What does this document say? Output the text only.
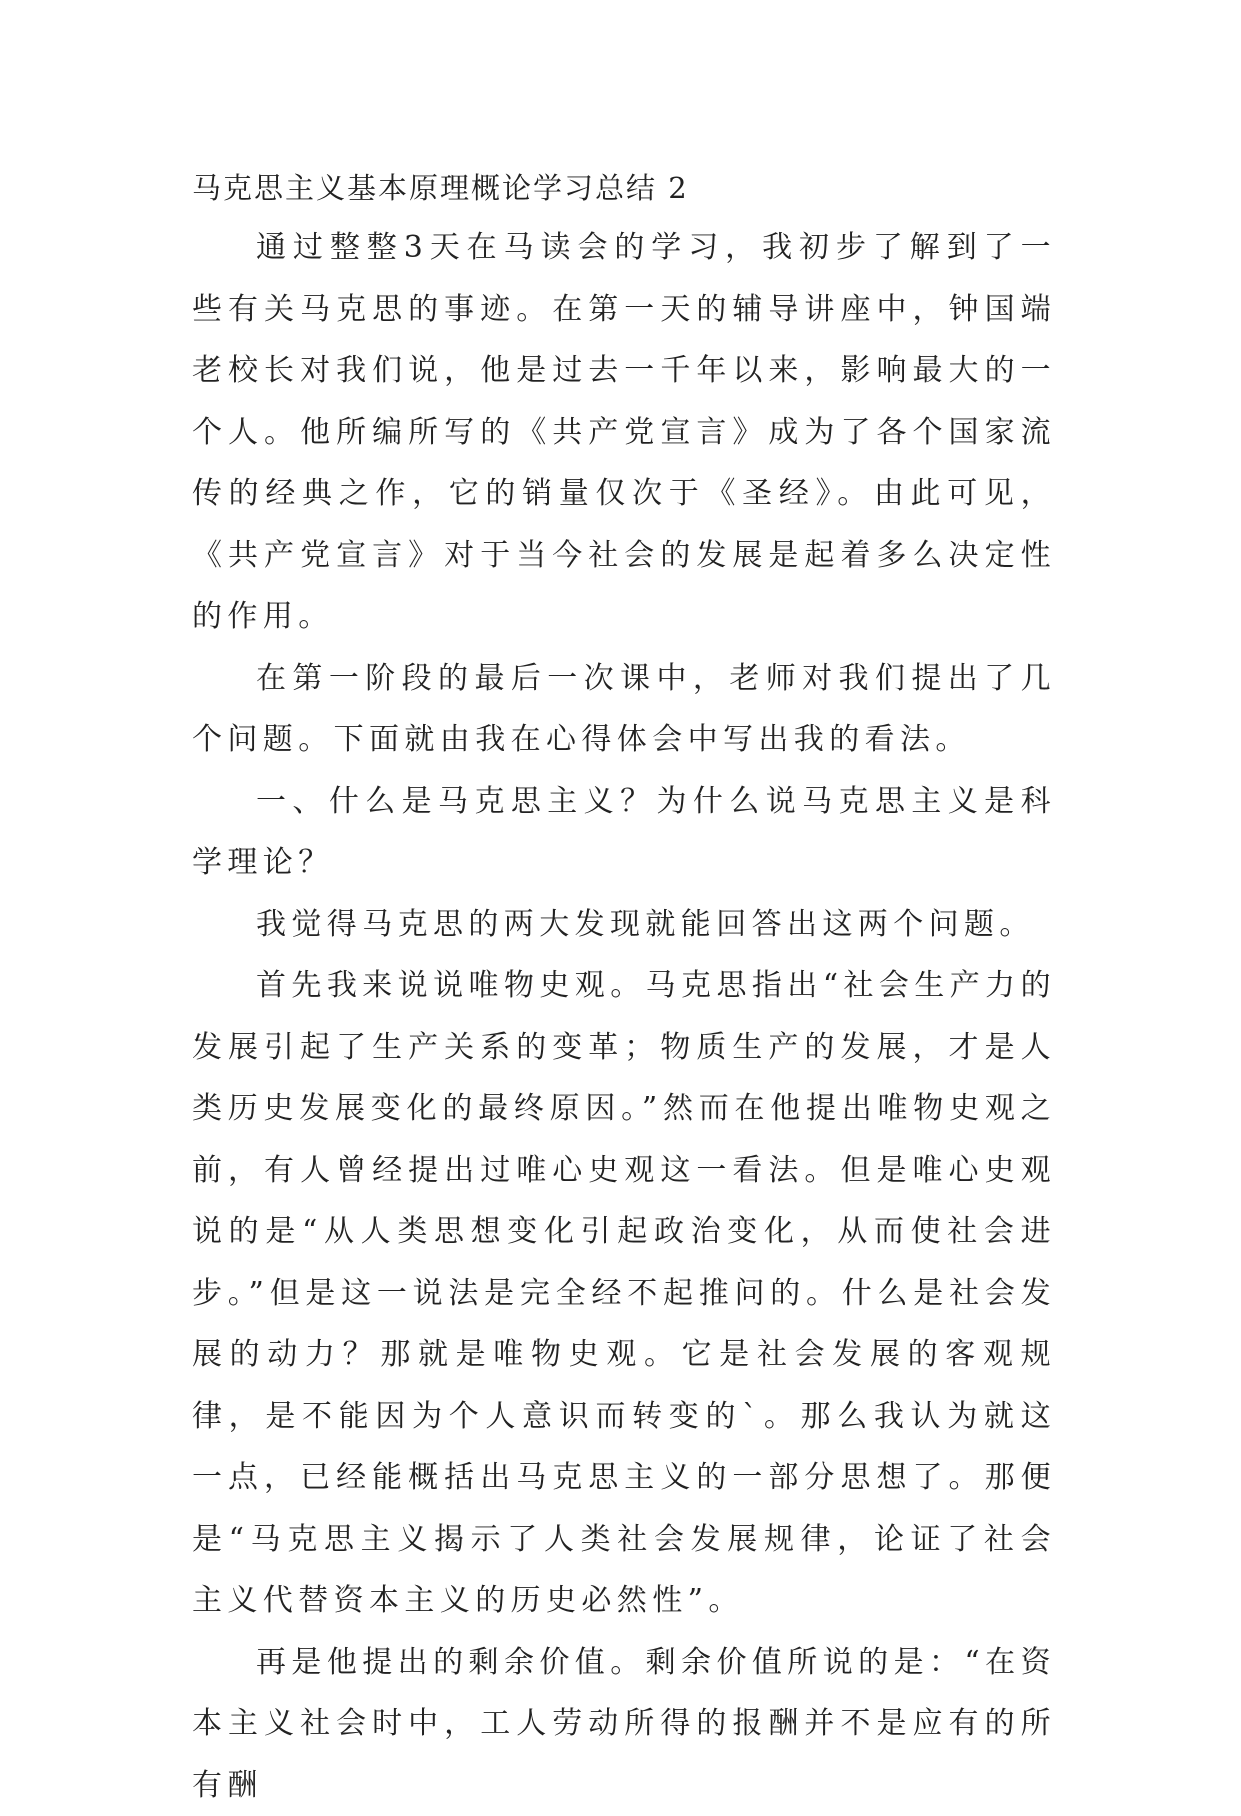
马克思主义基本原理概论学习总结 2

通过整整3天在马读会的学习，我初步了解到了一些有关马克思的事迹。在第一天的辅导讲座中，钟国端老校长对我们说，他是过去一千年以来，影响最大的一个人。他所编所写的《共产党宣言》成为了各个国家流传的经典之作，它的销量仅次于《圣经》。由此可见，《共产党宣言》对于当今社会的发展是起着多么决定性的作用。

在第一阶段的最后一次课中，老师对我们提出了几个问题。下面就由我在心得体会中写出我的看法。

一、什么是马克思主义？为什么说马克思主义是科学理论？

我觉得马克思的两大发现就能回答出这两个问题。

首先我来说说唯物史观。马克思指出“社会生产力的发展引起了生产关系的变革；物质生产的发展，才是人类历史发展变化的最终原因。”然而在他提出唯物史观之前，有人曾经提出过唯心史观这一看法。但是唯心史观说的是“从人类思想变化引起政治变化，从而使社会进步。”但是这一说法是完全经不起推问的。什么是社会发展的动力？那就是唯物史观。它是社会发展的客观规律，是不能因为个人意识而转变的`。那么我认为就这一点，已经能概括出马克思主义的一部分思想了。那便是“马克思主义揭示了人类社会发展规律，论证了社会主义代替资本主义的历史必然性”。

再是他提出的剩余价值。剩余价值所说的是：“在资本主义社会时中，工人劳动所得的报酬并不是应有的所有酬
